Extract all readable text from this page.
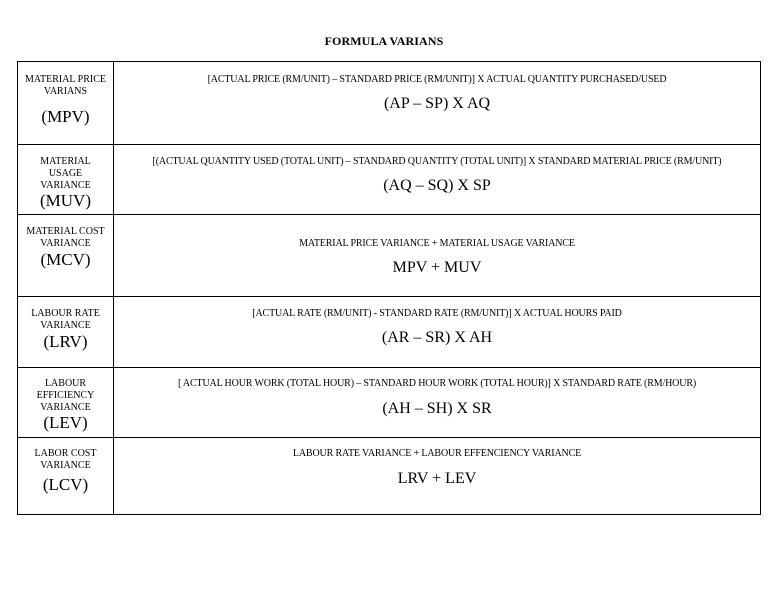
FORMULA VARIANS
MATERIAL PRICE VARIANS
(MPV)	[ACTUAL PRICE (RM/UNIT) – STANDARD PRICE (RM/UNIT)] X ACTUAL QUANTITY PURCHASED/USED
(AP – SP) X AQ

MATERIAL USAGE VARIANCE
(MUV)	[(ACTUAL QUANTITY USED (TOTAL UNIT) – STANDARD QUANTITY (TOTAL UNIT)] X STANDARD MATERIAL PRICE (RM/UNIT)
(AQ – SQ) X SP

MATERIAL COST VARIANCE
(MCV)	MATERIAL PRICE VARIANCE + MATERIAL USAGE VARIANCE
MPV + MUV

LABOUR RATE VARIANCE
(LRV)	[ACTUAL RATE (RM/UNIT) - STANDARD RATE (RM/UNIT)] X ACTUAL HOURS PAID
(AR – SR) X AH

LABOUR EFFICIENCY VARIANCE
(LEV)	[ ACTUAL HOUR WORK (TOTAL HOUR) – STANDARD HOUR WORK (TOTAL HOUR)] X STANDARD RATE (RM/HOUR)
(AH – SH) X SR

LABOR COST VARIANCE
(LCV)	LABOUR RATE VARIANCE + LABOUR EFFENCIENCY VARIANCE
LRV + LEV
